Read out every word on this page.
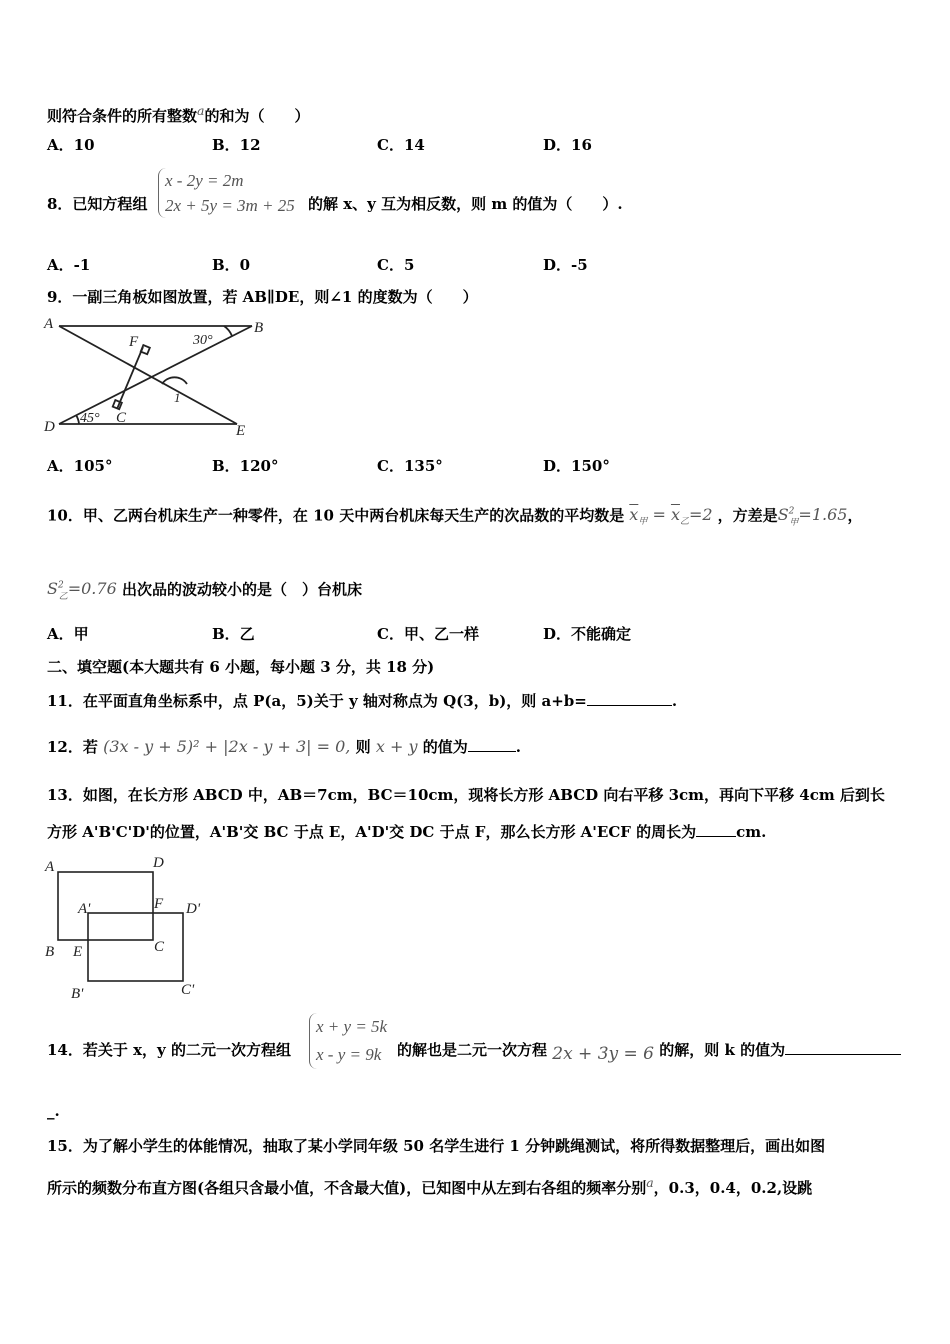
则符合条件的所有整数$^a$的和为（　　）
A．10	B．12	C．14	D．16
8．已知方程组
x - 2y = 2m
2x + 5y = 3m + 25 的解 x、y 互为相反数，则 m 的值为（　　）.
A．-1	B．0	C．5	D．-5
9．一副三角板如图放置，若 AB∥DE，则∠1 的度数为（　　）
A	B
D	E
F
C
30°
45°
1
A．105°	B．120°	C．135°	D．150°
10．甲、乙两台机床生产一种零件，在 10 天中两台机床每天生产的次品数的平均数是 $\overline{x}_甲 = \overline{x}_乙=2$ ，方差是$S^2_甲=1.65$，
$S^2_乙=0.76$ 出次品的波动较小的是（　）台机床
A．甲	B．乙	C．甲、乙一样	D．不能确定
二、填空题(本大题共有 6 小题，每小题 3 分，共 18 分)
11．在平面直角坐标系中，点 P(a，5)关于 y 轴对称点为 Q(3，b)，则 a+b=	.
12．若 (3x - y + 5)² + |2x - y + 3| = 0, 则 x + y 的值为	.
13．如图，在长方形 ABCD 中，AB＝7cm，BC＝10cm，现将长方形 ABCD 向右平移 3cm，再向下平移 4cm 后到长
方形 A'B'C'D'的位置，A'B'交 BC 于点 E，A'D'交 DC 于点 F，那么长方形 A'ECF 的周长为	cm.
A	D
A'	F D'
B E	C
B'	C'
14．若关于 x，y 的二元一次方程组
x + y = 5k
x - y = 9k	的解也是二元一次方程 2x + 3y = 6 的解，则 k 的值为
_.
15．为了解小学生的体能情况，抽取了某小学同年级 50 名学生进行 1 分钟跳绳测试，将所得数据整理后，画出如图
所示的频数分布直方图(各组只含最小值，不含最大值)，已知图中从左到右各组的频率分别$^a$，0.3，0.4，0.2,设跳
